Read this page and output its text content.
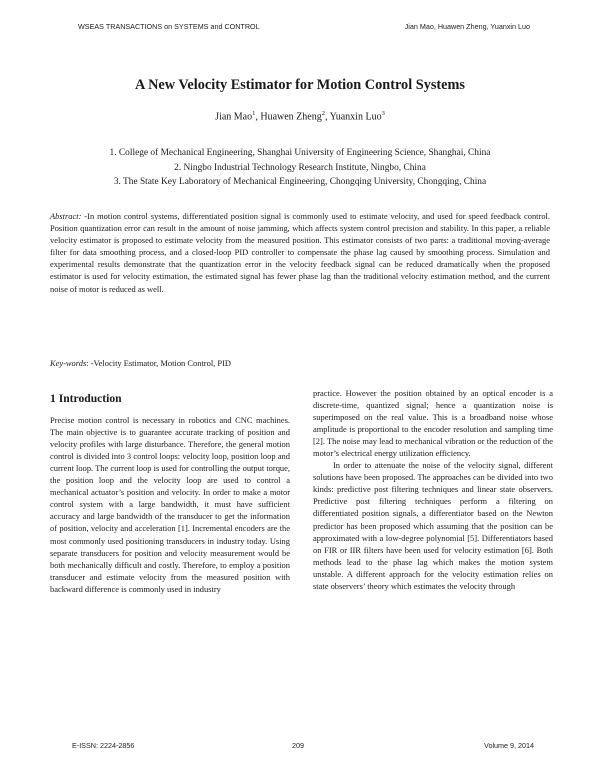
WSEAS TRANSACTIONS on SYSTEMS and CONTROL	Jian Mao, Huawen Zheng, Yuanxin Luo
A New Velocity Estimator for Motion Control Systems
Jian Mao$^1$, Huawen Zheng$^2$, Yuanxin Luo$^3$
1. College of Mechanical Engineering, Shanghai University of Engineering Science, Shanghai, China
2. Ningbo Industrial Technology Research Institute, Ningbo, China
3. The State Key Laboratory of Mechanical Engineering, Chongqing University, Chongqing, China
Abstract: -In motion control systems, differentiated position signal is commonly used to estimate velocity, and used for speed feedback control. Position quantization error can result in the amount of noise jamming, which affects system control precision and stability. In this paper, a reliable velocity estimator is proposed to estimate velocity from the measured position. This estimator consists of two parts: a traditional moving-average filter for data smoothing process, and a closed-loop PID controller to compensate the phase lag caused by smoothing process. Simulation and experimental results demonstrate that the quantization error in the velocity feedback signal can be reduced dramatically when the proposed estimator is used for velocity estimation, the estimated signal has fewer phase lag than the traditional velocity estimation method, and the current noise of motor is reduced as well.
Key-words: -Velocity Estimator, Motion Control, PID
1 Introduction

Precise motion control is necessary in robotics and CNC machines. The main objective is to guarantee accurate tracking of position and velocity profiles with large disturbance. Therefore, the general motion control is divided into 3 control loops: velocity loop, position loop and current loop. The current loop is used for controlling the output torque, the position loop and the velocity loop are used to control a mechanical actuator’s position and velocity. In order to make a motor control system with a large bandwidth, it must have sufficient accuracy and large bandwidth of the transducer to get the information of position, velocity and acceleration [1]. Incremental encoders are the most commonly used positioning transducers in industry today. Using separate transducers for position and velocity measurement would be both mechanically difficult and costly. Therefore, to employ a position transducer and estimate velocity from the measured position with backward difference is commonly used in industry

practice. However the position obtained by an optical encoder is a discrete-time, quantized signal; hence a quantization noise is superimposed on the real value. This is a broadband noise whose amplitude is proportional to the encoder resolution and sampling time [2]. The noise may lead to mechanical vibration or the reduction of the motor’s electrical energy utilization efficiency.

In order to attenuate the noise of the velocity signal, different solutions have been proposed. The approaches can be divided into two kinds: predictive post filtering techniques and linear state observers. Predictive post filtering techniques perform a filtering on differentiated position signals, a differentiator based on the Newton predictor has been proposed which assuming that the position can be approximated with a low-degree polynomial [5]. Differentiators based on FIR or IIR filters have been used for velocity estimation [6]. Both methods lead to the phase lag which makes the motion system unstable. A different approach for the velocity estimation relies on state observers’ theory which estimates the velocity through

E-ISSN: 2224-2856	209	Volume 9, 2014
